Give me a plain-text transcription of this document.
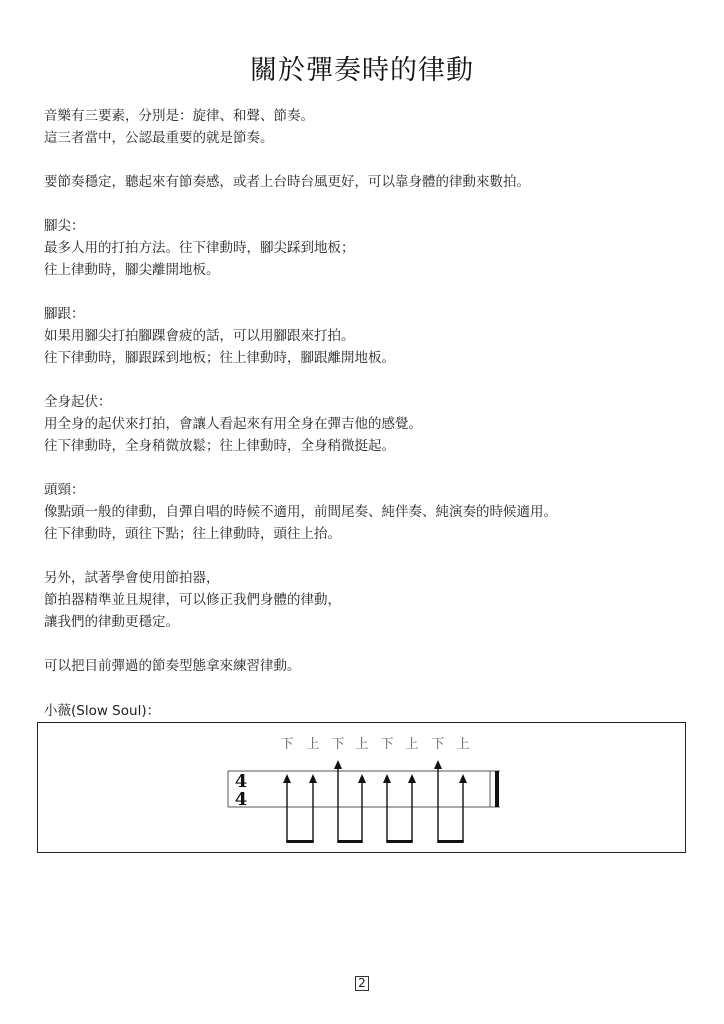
關於彈奏時的律動
音樂有三要素，分別是：旋律、和聲、節奏。
這三者當中，公認最重要的就是節奏。
要節奏穩定，聽起來有節奏感，或者上台時台風更好，可以靠身體的律動來數拍。
腳尖：
最多人用的打拍方法。往下律動時，腳尖踩到地板；
往上律動時，腳尖離開地板。
腳跟：
如果用腳尖打拍腳踝會疲的話，可以用腳跟來打拍。
往下律動時，腳跟踩到地板；往上律動時，腳跟離開地板。
全身起伏：
用全身的起伏來打拍，會讓人看起來有用全身在彈吉他的感覺。
往下律動時，全身稍微放鬆；往上律動時，全身稍微挺起。
頭頸：
像點頭一般的律動，自彈自唱的時候不適用，前間尾奏、純伴奏、純演奏的時候適用。
往下律動時，頭往下點；往上律動時，頭往上抬。
另外，試著學會使用節拍器，
節拍器精準並且規律，可以修正我們身體的律動，
讓我們的律動更穩定。
可以把目前彈過的節奏型態拿來練習律動。
小薇(Slow Soul)：
4
4
下 上 下 上 下 上 下 上
2
